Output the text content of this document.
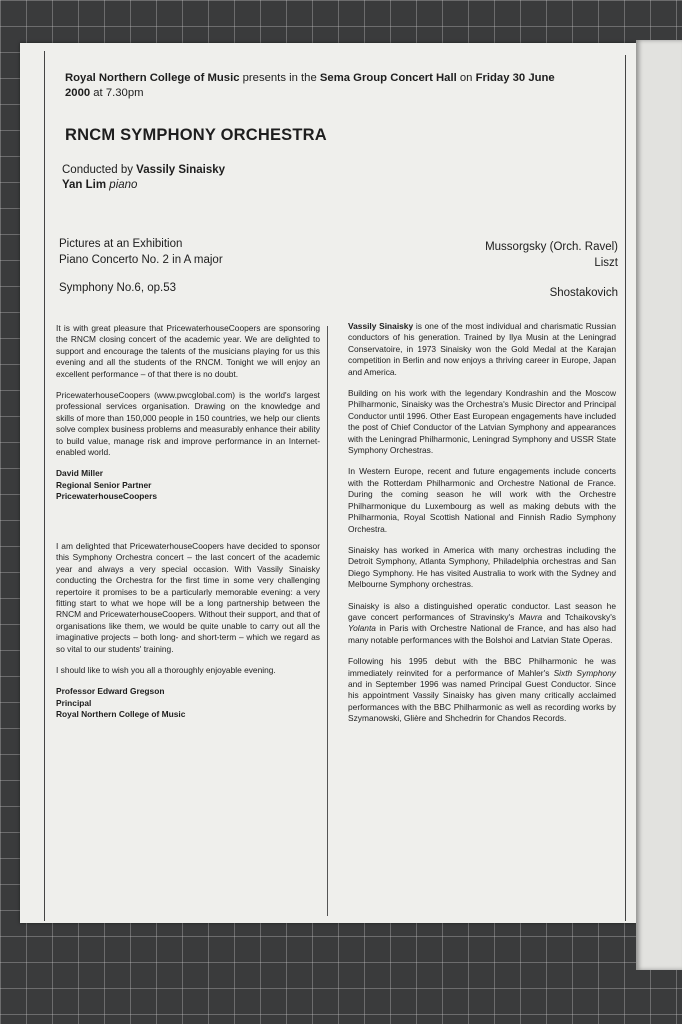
Royal Northern College of Music presents in the Sema Group Concert Hall on Friday 30 June
2000 at 7.30pm
RNCM SYMPHONY ORCHESTRA
Conducted by Vassily Sinaisky
Yan Lim piano
Pictures at an Exhibition
Piano Concerto No. 2 in A major
Mussorgsky (Orch. Ravel)
Liszt
Symphony No.6, op.53	Shostakovich

It is with great pleasure that PricewaterhouseCoopers are sponsoring the RNCM closing concert of the academic year. We are delighted to support and encourage the talents of the musicians playing for us this evening and all the students of the RNCM. Tonight we will enjoy an excellent performance – of that there is no doubt.

PricewaterhouseCoopers (www.pwcglobal.com) is the world's largest professional services organisation. Drawing on the knowledge and skills of more than 150,000 people in 150 countries, we help our clients solve complex business problems and measurably enhance their ability to build value, manage risk and improve performance in an Internet-enabled world.

David Miller
Regional Senior Partner
PricewaterhouseCoopers

I am delighted that PricewaterhouseCoopers have decided to sponsor this Symphony Orchestra concert – the last concert of the academic year and always a very special occasion. With Vassily Sinaisky conducting the Orchestra for the first time in some very challenging repertoire it promises to be a particularly memorable evening: a very fitting start to what we hope will be a long partnership between the RNCM and PricewaterhouseCoopers. Without their support, and that of organisations like them, we would be quite unable to carry out all the imaginative projects – both long- and short-term – which we regard as so vital to our students' training.

I should like to wish you all a thoroughly enjoyable evening.

Professor Edward Gregson
Principal
Royal Northern College of Music

Vassily Sinaisky is one of the most individual and charismatic Russian conductors of his generation. Trained by Ilya Musin at the Leningrad Conservatoire, in 1973 Sinaisky won the Gold Medal at the Karajan competition in Berlin and now enjoys a thriving career in Europe, Japan and America.

Building on his work with the legendary Kondrashin and the Moscow Philharmonic, Sinaisky was the Orchestra's Music Director and Principal Conductor until 1996. Other East European engagements have included the post of Chief Conductor of the Latvian Symphony and appearances with the Leningrad Philharmonic, Leningrad Symphony and USSR State Symphony Orchestras.

In Western Europe, recent and future engagements include concerts with the Rotterdam Philharmonic and Orchestre National de France. During the coming season he will work with the Orchestre Philharmonique du Luxembourg as well as making debuts with the Philharmonia, Royal Scottish National and Finnish Radio Symphony Orchestra.

Sinaisky has worked in America with many orchestras including the Detroit Symphony, Atlanta Symphony, Philadelphia orchestras and San Diego Symphony. He has visited Australia to work with the Sydney and Melbourne Symphony orchestras.

Sinaisky is also a distinguished operatic conductor. Last season he gave concert performances of Stravinsky's Mavra and Tchaikovsky's Yolanta in Paris with Orchestre National de France, and has also had many notable performances with the Bolshoi and Latvian State Operas.

Following his 1995 debut with the BBC Philharmonic he was immediately reinvited for a performance of Mahler's Sixth Symphony and in September 1996 was named Principal Guest Conductor. Since his appointment Vassily Sinaisky has given many critically acclaimed performances with the BBC Philharmonic as well as recording works by Szymanowski, Glière and Shchedrin for Chandos Records.
